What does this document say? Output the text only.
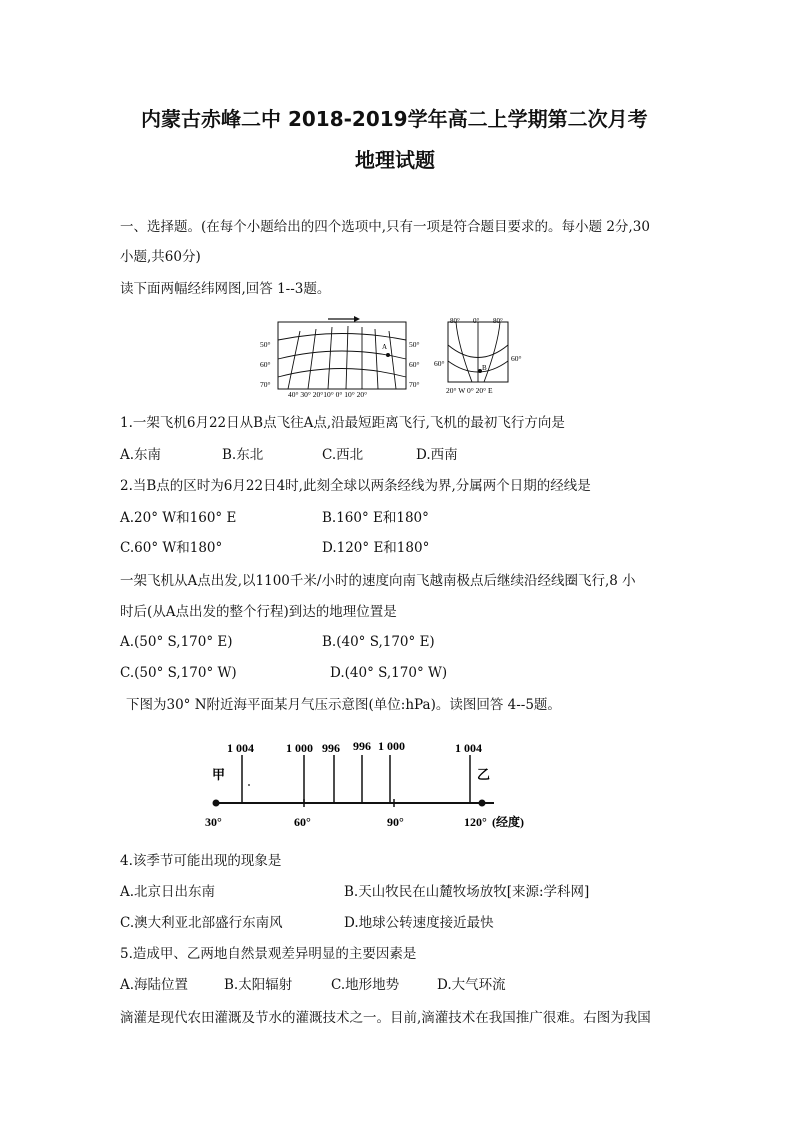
内蒙古赤峰二中 2018-2019学年高二上学期第二次月考
地理试题
一、选择题。(在每个小题给出的四个选项中,只有一项是符合题目要求的。每小题 2分,30
小题,共60分)
读下面两幅经纬网图,回答 1--3题。
A
50°
60°
70°
50°
60°
70°
40° 30° 20°10° 0° 10° 20°
B
80° 0° 80°
60°
60°
20° W 0° 20° E
1.一架飞机6月22日从B点飞往A点,沿最短距离飞行,飞机的最初飞行方向是
A.东南	B.东北	C.西北	D.西南
2.当B点的区时为6月22日4时,此刻全球以两条经线为界,分属两个日期的经线是
A.20° W和160° E	B.160° E和180°
C.60° W和180°	D.120° E和180°
一架飞机从A点出发,以1100千米/小时的速度向南飞越南极点后继续沿经线圈飞行,8 小
时后(从A点出发的整个行程)到达的地理位置是
A.(50° S,170° E)	B.(40° S,170° E)
C.(50° S,170° W)	D.(40° S,170° W)
下图为30° N附近海平面某月气压示意图(单位:hPa)。读图回答 4--5题。
1 004	1 000 996 996 1 000	1 004
甲	乙
30°	60°	90°	120° (经度)
4.该季节可能出现的现象是
A.北京日出东南	B.天山牧民在山麓牧场放牧[来源:学科网]
C.澳大利亚北部盛行东南风	D.地球公转速度接近最快
5.造成甲、乙两地自然景观差异明显的主要因素是
A.海陆位置	B.太阳辐射	C.地形地势	D.大气环流
滴灌是现代农田灌溉及节水的灌溉技术之一。目前,滴灌技术在我国推广很难。右图为我国
